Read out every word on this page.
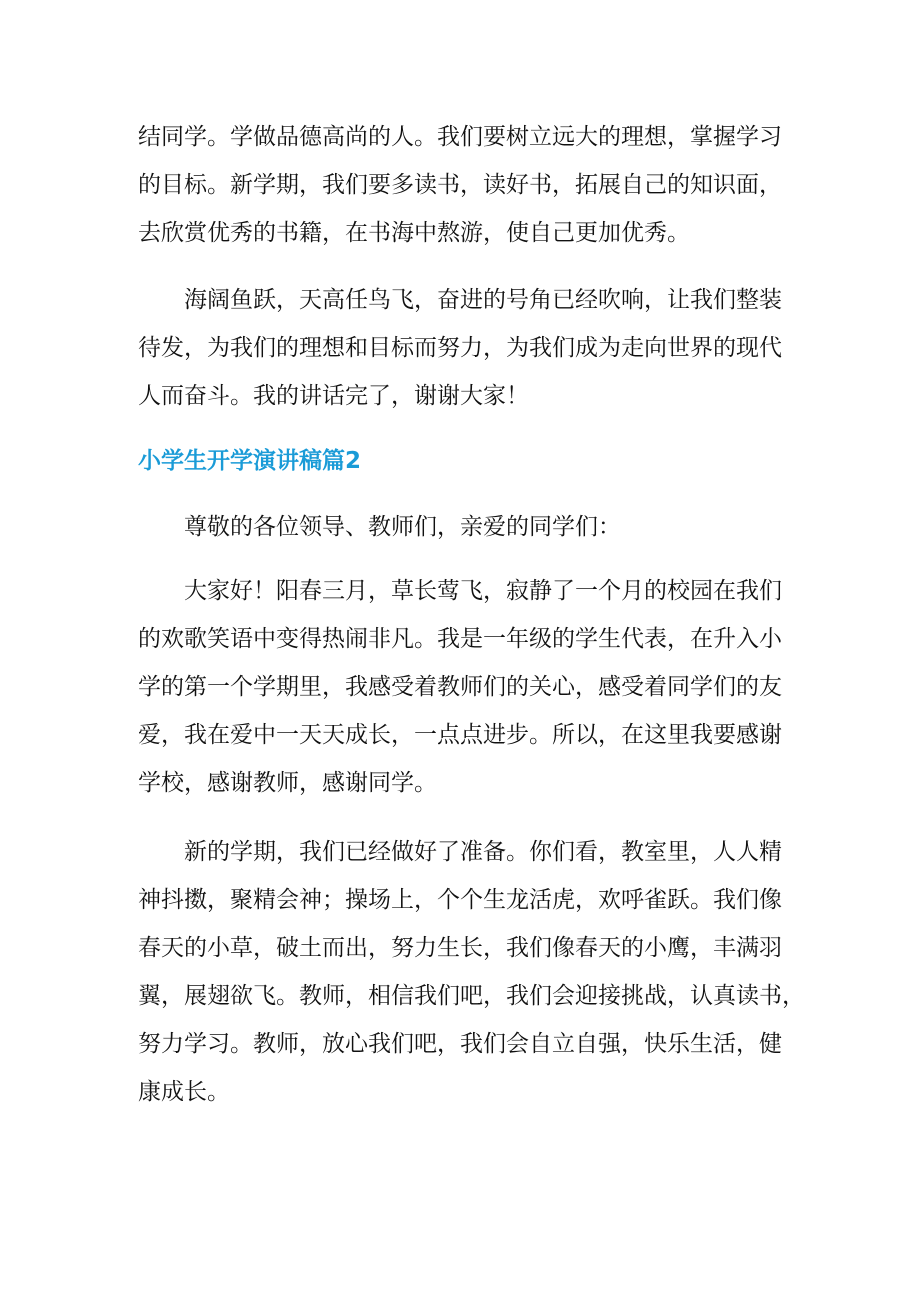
结同学。学做品德高尚的人。我们要树立远大的理想，掌握学习
的目标。新学期，我们要多读书，读好书，拓展自己的知识面，
去欣赏优秀的书籍，在书海中熬游，使自己更加优秀。
海阔鱼跃，天高任鸟飞，奋进的号角已经吹响，让我们整装
待发，为我们的理想和目标而努力，为我们成为走向世界的现代
人而奋斗。我的讲话完了，谢谢大家！
小学生开学演讲稿篇2
尊敬的各位领导、教师们，亲爱的同学们：
大家好！阳春三月，草长莺飞，寂静了一个月的校园在我们
的欢歌笑语中变得热闹非凡。我是一年级的学生代表，在升入小
学的第一个学期里，我感受着教师们的关心，感受着同学们的友
爱，我在爱中一天天成长，一点点进步。所以，在这里我要感谢
学校，感谢教师，感谢同学。
新的学期，我们已经做好了准备。你们看，教室里，人人精
神抖擞，聚精会神；操场上，个个生龙活虎，欢呼雀跃。我们像
春天的小草，破土而出，努力生长，我们像春天的小鹰，丰满羽
翼，展翅欲飞。教师，相信我们吧，我们会迎接挑战，认真读书，
努力学习。教师，放心我们吧，我们会自立自强，快乐生活，健
康成长。
